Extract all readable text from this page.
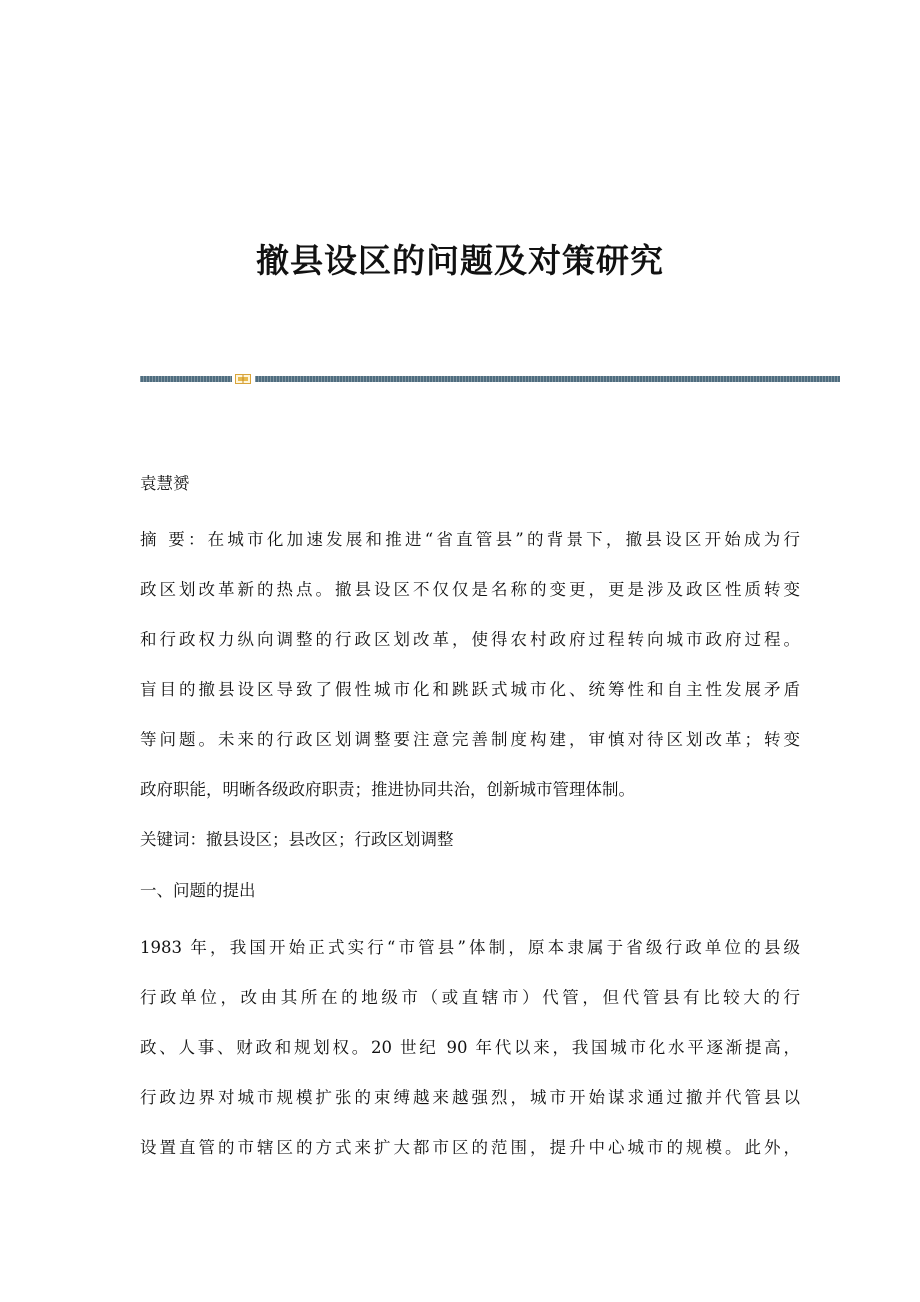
撤县设区的问题及对策研究
袁慧赟
摘 要：在城市化加速发展和推进“省直管县”的背景下，撤县设区开始成为行
政区划改革新的热点。撤县设区不仅仅是名称的变更，更是涉及政区性质转变
和行政权力纵向调整的行政区划改革，使得农村政府过程转向城市政府过程。
盲目的撤县设区导致了假性城市化和跳跃式城市化、统筹性和自主性发展矛盾
等问题。未来的行政区划调整要注意完善制度构建，审慎对待区划改革；转变
政府职能，明晰各级政府职责；推进协同共治，创新城市管理体制。
关键词：撤县设区；县改区；行政区划调整
一、问题的提出
1983 年，我国开始正式实行“市管县”体制，原本隶属于省级行政单位的县级
行政单位，改由其所在的地级市（或直辖市）代管，但代管县有比较大的行
政、人事、财政和规划权。20 世纪 90 年代以来，我国城市化水平逐渐提高，
行政边界对城市规模扩张的束缚越来越强烈，城市开始谋求通过撤并代管县以
设置直管的市辖区的方式来扩大都市区的范围，提升中心城市的规模。此外，
